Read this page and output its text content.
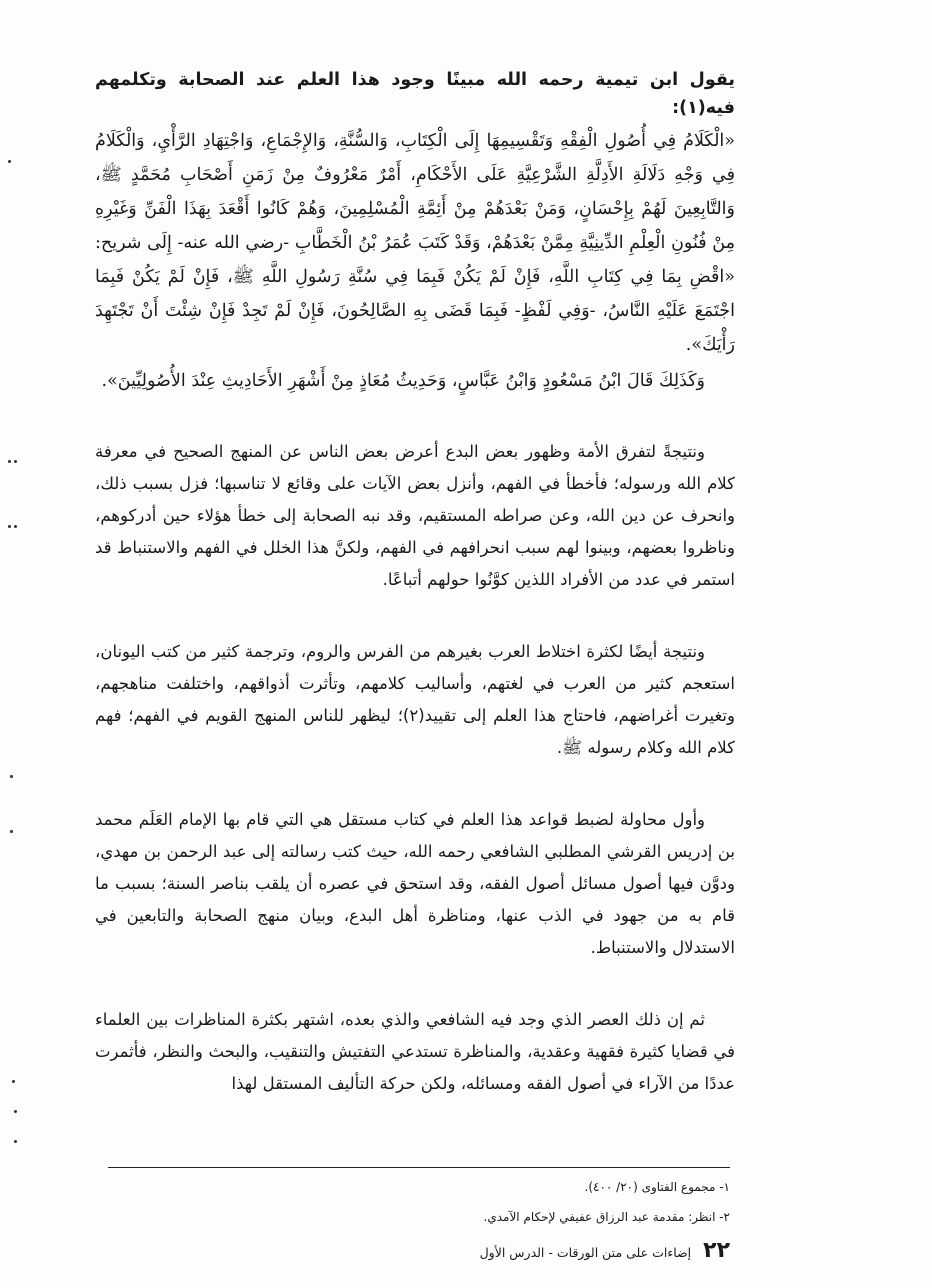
يقول ابن تيمية رحمه الله مبينًا وجود هذا العلم عند الصحابة وتكلمهم فيه(١):

«الْكَلَامُ فِي أُصُولِ الْفِقْهِ وَتَقْسِيمِهَا إِلَى الْكِتَابِ، وَالسُّنَّةِ، وَالإِجْمَاعِ، وَاجْتِهَادِ الرَّأْيِ، وَالْكَلَامُ فِي وَجْهِ دَلَالَةِ الأَدِلَّةِ الشَّرْعِيَّةِ عَلَى الأَحْكَامِ، أَمْرٌ مَعْرُوفٌ مِنْ زَمَنِ أَصْحَابِ مُحَمَّدٍ ﷺ، وَالتَّابِعِينَ لَهُمْ بِإِحْسَانٍ، وَمَنْ بَعْدَهُمْ مِنْ أَئِمَّةِ الْمُسْلِمِينَ، وَهُمْ كَانُوا أَقْعَدَ بِهَذَا الْفَنِّ وَغَيْرِهِ مِنْ فُنُونِ الْعِلْمِ الدِّينِيَّةِ مِمَّنْ بَعْدَهُمْ، وَقَدْ كَتَبَ عُمَرُ بْنُ الْخَطَّابِ -رضي الله عنه- إِلَى شريح: «اقْضِ بِمَا فِي كِتَابِ اللَّهِ، فَإِنْ لَمْ يَكُنْ فَبِمَا فِي سُنَّةِ رَسُولِ اللَّهِ ﷺ، فَإِنْ لَمْ يَكُنْ فَبِمَا اجْتَمَعَ عَلَيْهِ النَّاسُ، -وَفِي لَفْظٍ- فَبِمَا قَضَى بِهِ الصَّالِحُونَ، فَإِنْ لَمْ تَجِدْ فَإِنْ شِئْتَ أَنْ تَجْتَهِدَ رَأْيَكَ».

وَكَذَلِكَ قَالَ ابْنُ مَسْعُودٍ وَابْنُ عَبَّاسٍ، وَحَدِيثُ مُعَاذٍ مِنْ أَشْهَرِ الأَحَادِيثِ عِنْدَ الأُصُولِيِّينَ».

ونتيجةً لتفرق الأمة وظهور بعض البدع أعرض بعض الناس عن المنهج الصحيح في معرفة كلام الله ورسوله؛ فأخطأ في الفهم، وأنزل بعض الآيات على وقائع لا تناسبها؛ فزل بسبب ذلك، وانحرف عن دين الله، وعن صراطه المستقيم، وقد نبه الصحابة إلى خطأ هؤلاء حين أدركوهم، وناظروا بعضهم، وبينوا لهم سبب انحرافهم في الفهم، ولكنَّ هذا الخلل في الفهم والاستنباط قد استمر في عدد من الأفراد اللذين كوَّنُوا حولهم أتباعًا.

ونتيجة أيضًا لكثرة اختلاط العرب بغيرهم من الفرس والروم، وترجمة كثير من كتب اليونان، استعجم كثير من العرب في لغتهم، وأساليب كلامهم، وتأثرت أذواقهم، واختلفت مناهجهم، وتغيرت أغراضهم، فاحتاج هذا العلم إلى تقييد(٢)؛ ليظهر للناس المنهج القويم في الفهم؛ فهم كلام الله وكلام رسوله ﷺ.

وأول محاولة لضبط قواعد هذا العلم في كتاب مستقل هي التي قام بها الإمام العَلَم محمد بن إدريس القرشي المطلبي الشافعي رحمه الله، حيث كتب رسالته إلى عبد الرحمن بن مهدي، ودوَّن فيها أصول مسائل أصول الفقه، وقد استحق في عصره أن يلقب بناصر السنة؛ بسبب ما قام به من جهود في الذب عنها، ومناظرة أهل البدع، وبيان منهج الصحابة والتابعين في الاستدلال والاستنباط.

ثم إن ذلك العصر الذي وجد فيه الشافعي والذي بعده، اشتهر بكثرة المناظرات بين العلماء في قضايا كثيرة فقهية وعقدية، والمناظرة تستدعي التفتيش والتنقيب، والبحث والنظر، فأثمرت عددًا من الآراء في أصول الفقه ومسائله، ولكن حركة التأليف المستقل لهذا

١- مجموع الفتاوى (٢٠/ ٤٠٠).
٢- انظر: مقدمة عبد الرزاق عفيفي لإحكام الآمدي.
٢٢
إضاءات على متن الورقات - الدرس الأول
